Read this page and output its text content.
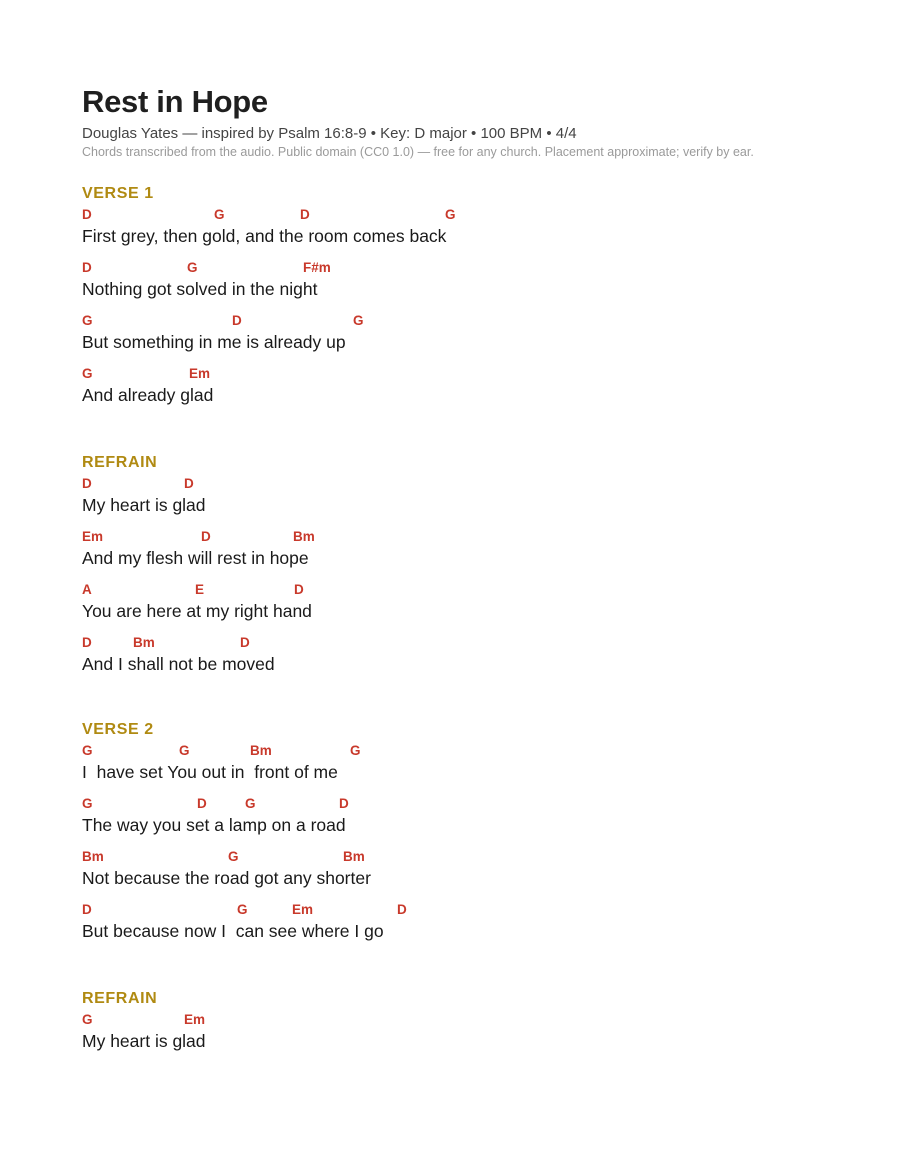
Rest in Hope
Douglas Yates — inspired by Psalm 16:8-9 • Key: D major • 100 BPM • 4/4
Chords transcribed from the audio. Public domain (CC0 1.0) — free for any church. Placement approximate; verify by ear.
VERSE 1
D	G	D	G
First grey, then gold, and the room comes back
D	G	F#m
Nothing got solved in the night
G	D	G
But something in me is already up
G	Em
And already glad
REFRAIN
D	D
My heart is glad
Em	D	Bm
And my flesh will rest in hope
A	E	D
You are here at my right hand
D	Bm	D
And I shall not be moved
VERSE 2
G	G	Bm	G
I  have set You out in  front of me
G	D	G	D
The way you set a lamp on a road
Bm	G	Bm
Not because the road got any shorter
D	G	Em	D
But because now I  can see where I go
REFRAIN
G	Em
My heart is glad
